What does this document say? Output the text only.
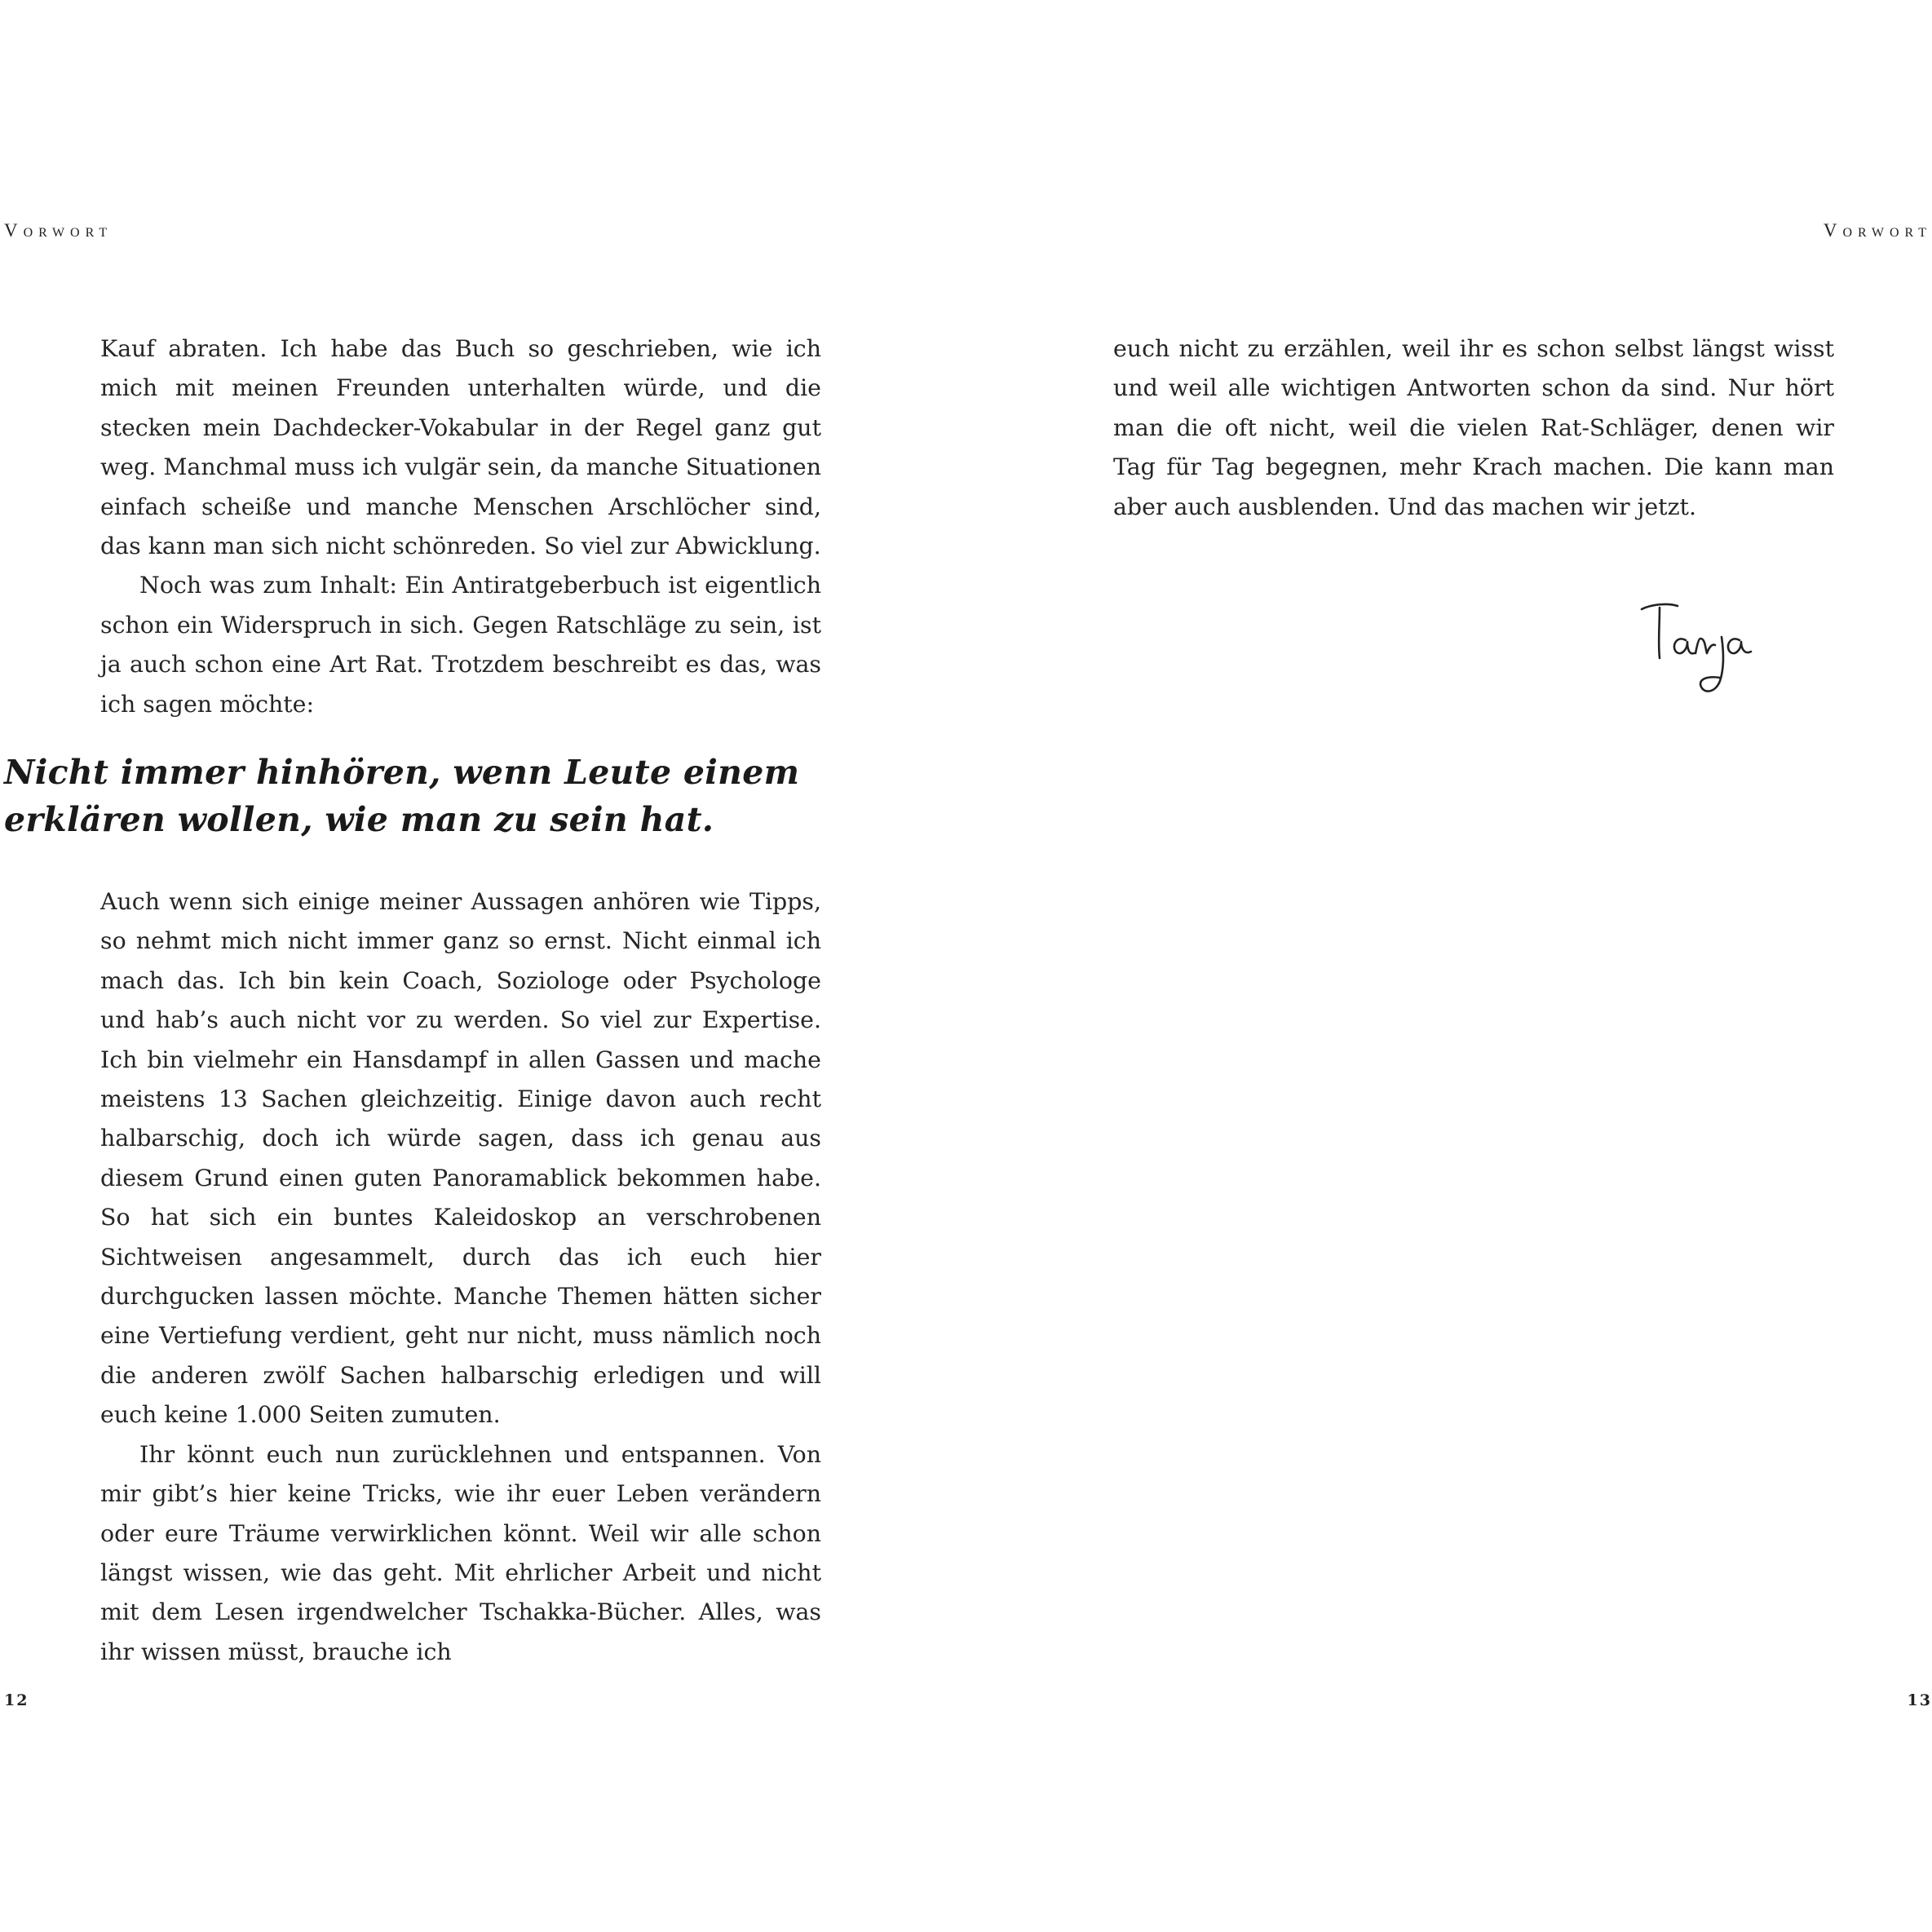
Vorwort

Kauf abraten. Ich habe das Buch so geschrieben, wie ich mich mit meinen Freunden unterhalten würde, und die stecken mein Dachdecker-Vokabular in der Regel ganz gut weg. Manchmal muss ich vulgär sein, da manche Situationen einfach scheiße und manche Menschen Arschlöcher sind, das kann man sich nicht schönreden. So viel zur Abwicklung.

Noch was zum Inhalt: Ein Antiratgeberbuch ist eigentlich schon ein Widerspruch in sich. Gegen Ratschläge zu sein, ist ja auch schon eine Art Rat. Trotzdem beschreibt es das, was ich sagen möchte:

Nicht immer hinhören, wenn Leute einem erklären wollen, wie man zu sein hat.

Auch wenn sich einige meiner Aussagen anhören wie Tipps, so nehmt mich nicht immer ganz so ernst. Nicht einmal ich mach das. Ich bin kein Coach, Soziologe oder Psychologe und hab’s auch nicht vor zu werden. So viel zur Expertise. Ich bin vielmehr ein Hansdampf in allen Gassen und mache meistens 13 Sachen gleichzeitig. Einige davon auch recht halbarschig, doch ich würde sagen, dass ich genau aus diesem Grund einen guten Panoramablick bekommen habe. So hat sich ein buntes Kaleidoskop an verschrobenen Sichtweisen angesammelt, durch das ich euch hier durchgucken lassen möchte. Manche Themen hätten sicher eine Vertiefung verdient, geht nur nicht, muss nämlich noch die anderen zwölf Sachen halbarschig erledigen und will euch keine 1.000 Seiten zumuten.

Ihr könnt euch nun zurücklehnen und entspannen. Von mir gibt’s hier keine Tricks, wie ihr euer Leben verändern oder eure Träume verwirklichen könnt. Weil wir alle schon längst wissen, wie das geht. Mit ehrlicher Arbeit und nicht mit dem Lesen irgendwelcher Tschakka-Bücher. Alles, was ihr wissen müsst, brauche ich

12
Vorwort

euch nicht zu erzählen, weil ihr es schon selbst längst wisst und weil alle wichtigen Antworten schon da sind. Nur hört man die oft nicht, weil die vielen Rat-Schläger, denen wir Tag für Tag begegnen, mehr Krach machen. Die kann man aber auch ausblenden. Und das machen wir jetzt.

13
